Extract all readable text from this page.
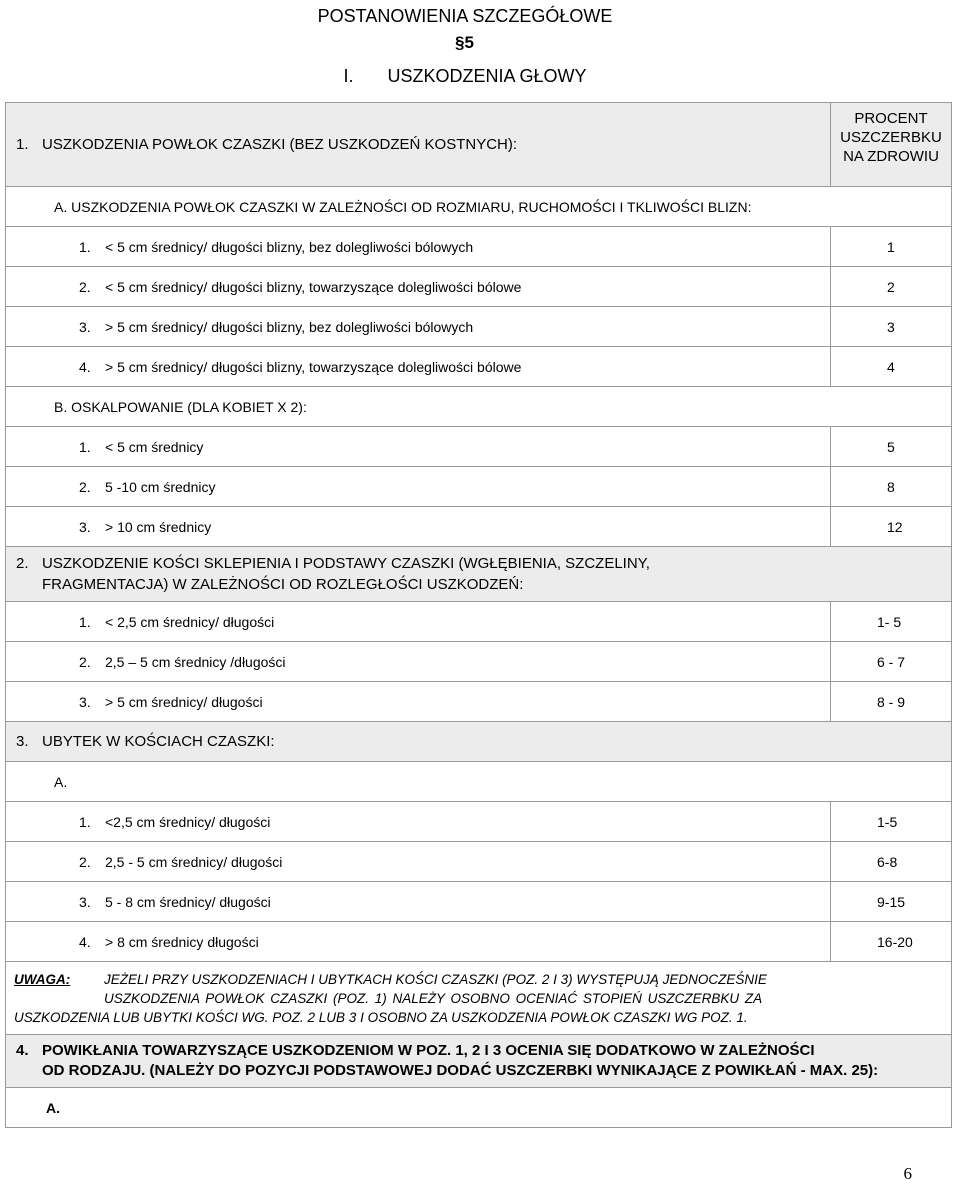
POSTANOWIENIA SZCZEGÓŁOWE
§5
I. USZKODZENIA GŁOWY
1. USZKODZENIA POWŁOK CZASZKI (BEZ USZKODZEŃ KOSTNYCH):	PROCENT
USZCZERBKU
NA ZDROWIU

A. USZKODZENIA POWŁOK CZASZKI W ZALEŻNOŚCI OD ROZMIARU, RUCHOMOŚCI I TKLIWOŚCI BLIZN:	
1. < 5 cm średnicy/ długości blizny, bez dolegliwości bólowych	1
2. < 5 cm średnicy/ długości blizny, towarzyszące dolegliwości bólowe	2
3. > 5 cm średnicy/ długości blizny, bez dolegliwości bólowych	3
4. > 5 cm średnicy/ długości blizny, towarzyszące dolegliwości bólowe	4
B. OSKALPOWANIE (DLA KOBIET X 2):	
1. < 5 cm średnicy	5
2. 5 -10 cm średnicy	8
3. > 10 cm średnicy	12

2. USZKODZENIE KOŚCI SKLEPIENIA I PODSTAWY CZASZKI (WGŁĘBIENIA, SZCZELINY,
FRAGMENTACJA) W ZALEŻNOŚCI OD ROZLEGŁOŚCI USZKODZEŃ:	

1. < 2,5 cm średnicy/ długości	1- 5
2. 2,5 – 5 cm średnicy /długości	6 - 7
3. > 5 cm średnicy/ długości	8 - 9
3. UBYTEK W KOŚCIACH CZASZKI:	
A.	
1. <2,5 cm średnicy/ długości	1-5
2. 2,5 - 5 cm średnicy/ długości	6-8
3. 5 - 8 cm średnicy/ długości	9-15
4. > 8 cm średnicy długości	16-20

UWAGA: JEŻELI PRZY USZKODZENIACH I UBYTKACH KOŚCI CZASZKI (POZ. 2 I 3) WYSTĘPUJĄ JEDNOCZEŚNIE
USZKODZENIA POWŁOK CZASZKI (POZ. 1) NALEŻY OSOBNO OCENIAĆ STOPIEŃ USZCZERBKU ZA
USZKODZENIA LUB UBYTKI KOŚCI WG. POZ. 2 LUB 3 I OSOBNO ZA USZKODZENIA POWŁOK CZASZKI WG POZ. 1.	

4. POWIKŁANIA TOWARZYSZĄCE USZKODZENIOM W POZ. 1, 2 I 3 OCENIA SIĘ DODATKOWO W ZALEŻNOŚCI
OD RODZAJU. (NALEŻY DO POZYCJI PODSTAWOWEJ DODAĆ USZCZERBKI WYNIKAJĄCE Z POWIKŁAŃ - MAX. 25):	

A.	
6
